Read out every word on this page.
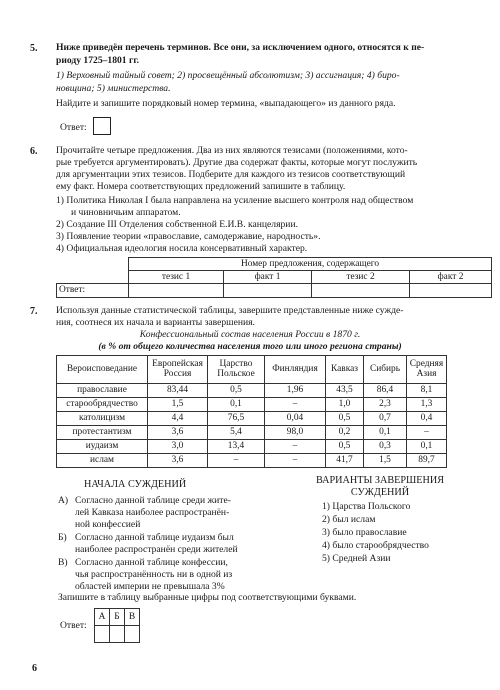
5. Ниже приведён перечень терминов. Все они, за исключением одного, относятся к пе-
риоду 1725–1801 гг.
1) Верховный тайный совет; 2) просвещённый абсолютизм; 3) ассигнация; 4) биро-
новщина; 5) министерства.
Найдите и запишите порядковый номер термина, «выпадающего» из данного ряда.
Ответ:
6. Прочитайте четыре предложения. Два из них являются тезисами (положениями, кото-
рые требуется аргументировать). Другие два содержат факты, которые могут послужить
для аргументации этих тезисов. Подберите для каждого из тезисов соответствующий
ему факт. Номера соответствующих предложений запишите в таблицу.
1) Политика Николая I была направлена на усиление высшего контроля над обществом
и чиновничьим аппаратом.
2) Создание III Отделения собственной Е.И.В. канцелярии.
3) Появление теории «православие, самодержавие, народность».
4) Официальная идеология носила консервативный характер.
	Номер предложения, содержащего			
	тезис 1	факт 1	тезис 2	факт 2
Ответ:				
7. Используя данные статистической таблицы, завершите представленные ниже сужде-
ния, соотнеся их начала и варианты завершения.
Конфессиональный состав населения России в 1870 г.
(в % от общего количества населения того или иного региона страны)
Вероисповедание	Европейская Россия	Царство Польское	Финляндия	Кавказ	Сибирь	Средняя Азия
православие	83,44	0,5	1,96	43,5	86,4	8,1
старообрядчество	1,5	0,1	–	1,0	2,3	1,3
католицизм	4,4	76,5	0,04	0,5	0,7	0,4
протестантизм	3,6	5,4	98,0	0,2	0,1	–
иудаизм	3,0	13,4	–	0,5	0,3	0,1
ислам	3,6	–	–	41,7	1,5	89,7
НАЧАЛА СУЖДЕНИЙ
А) Согласно данной таблице среди жите-
лей Кавказа наиболее распространён-
ной конфессией
Б) Согласно данной таблице иудаизм был
наиболее распространён среди жителей
В) Согласно данной таблице конфессии,
чья распространённость ни в одной из
областей империи не превышала 3%
ВАРИАНТЫ ЗАВЕРШЕНИЯ
СУЖДЕНИЙ
1) Царства Польского
2) был ислам
3) было православие
4) было старообрядчество
5) Средней Азии
Запишите в таблицу выбранные цифры под соответствующими буквами.
Ответ:
А	Б	В

6
